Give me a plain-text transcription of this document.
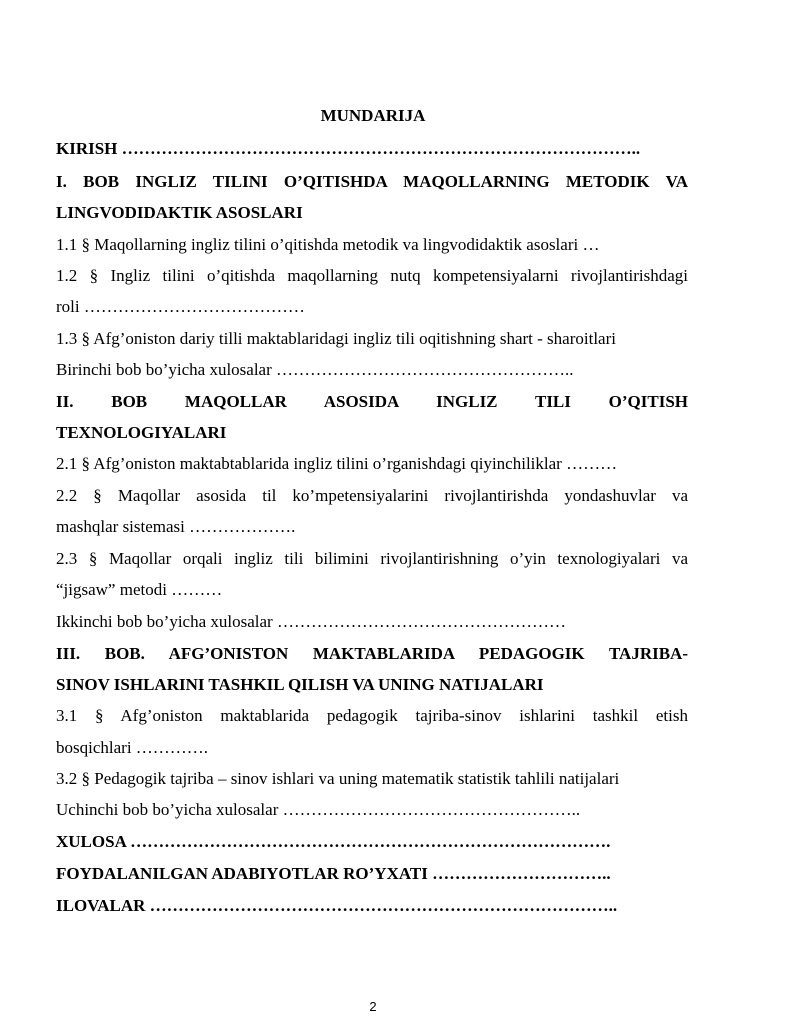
MUNDARIJA
KIRISH ………………………………………………………………………………..
I. BOB INGLIZ TILINI O’QITISHDA MAQOLLARNING METODIK VA
LINGVODIDAKTIK ASOSLARI
1.1 § Maqollarning ingliz tilini o’qitishda metodik va lingvodidaktik asoslari …
1.2 § Ingliz tilini o’qitishda maqollarning nutq kompetensiyalarni rivojlantirishdagi
roli …………………………………
1.3 § Afg’oniston dariy tilli maktablaridagi ingliz tili oqitishning shart - sharoitlari
Birinchi bob bo’yicha xulosalar ……………………………………………..
II. BOB MAQOLLAR ASOSIDA INGLIZ TILI O’QITISH
TEXNOLOGIYALARI
2.1 § Afg’oniston maktabtablarida ingliz tilini o’rganishdagi qiyinchiliklar ………
2.2 § Maqollar asosida til ko’mpetensiyalarini rivojlantirishda yondashuvlar va
mashqlar sistemasi ……………….
2.3 § Maqollar orqali ingliz tili bilimini rivojlantirishning o’yin texnologiyalari va
“jigsaw” metodi ………
Ikkinchi bob bo’yicha xulosalar ……………………………………………
III. BOB. AFG’ONISTON MAKTABLARIDA PEDAGOGIK TAJRIBA-
SINOV ISHLARINI TASHKIL QILISH VA UNING NATIJALARI
3.1 § Afg’oniston maktablarida pedagogik tajriba-sinov ishlarini tashkil etish
bosqichlari ………….
3.2 § Pedagogik tajriba – sinov ishlari va uning matematik statistik tahlili natijalari
Uchinchi bob bo’yicha xulosalar ……………………………………………..
XULOSA ………………………………………………………………………….
FOYDALANILGAN ADABIYOTLAR RO’YXATI …………………………..
ILOVALAR ………………………………………………………………………..
2
